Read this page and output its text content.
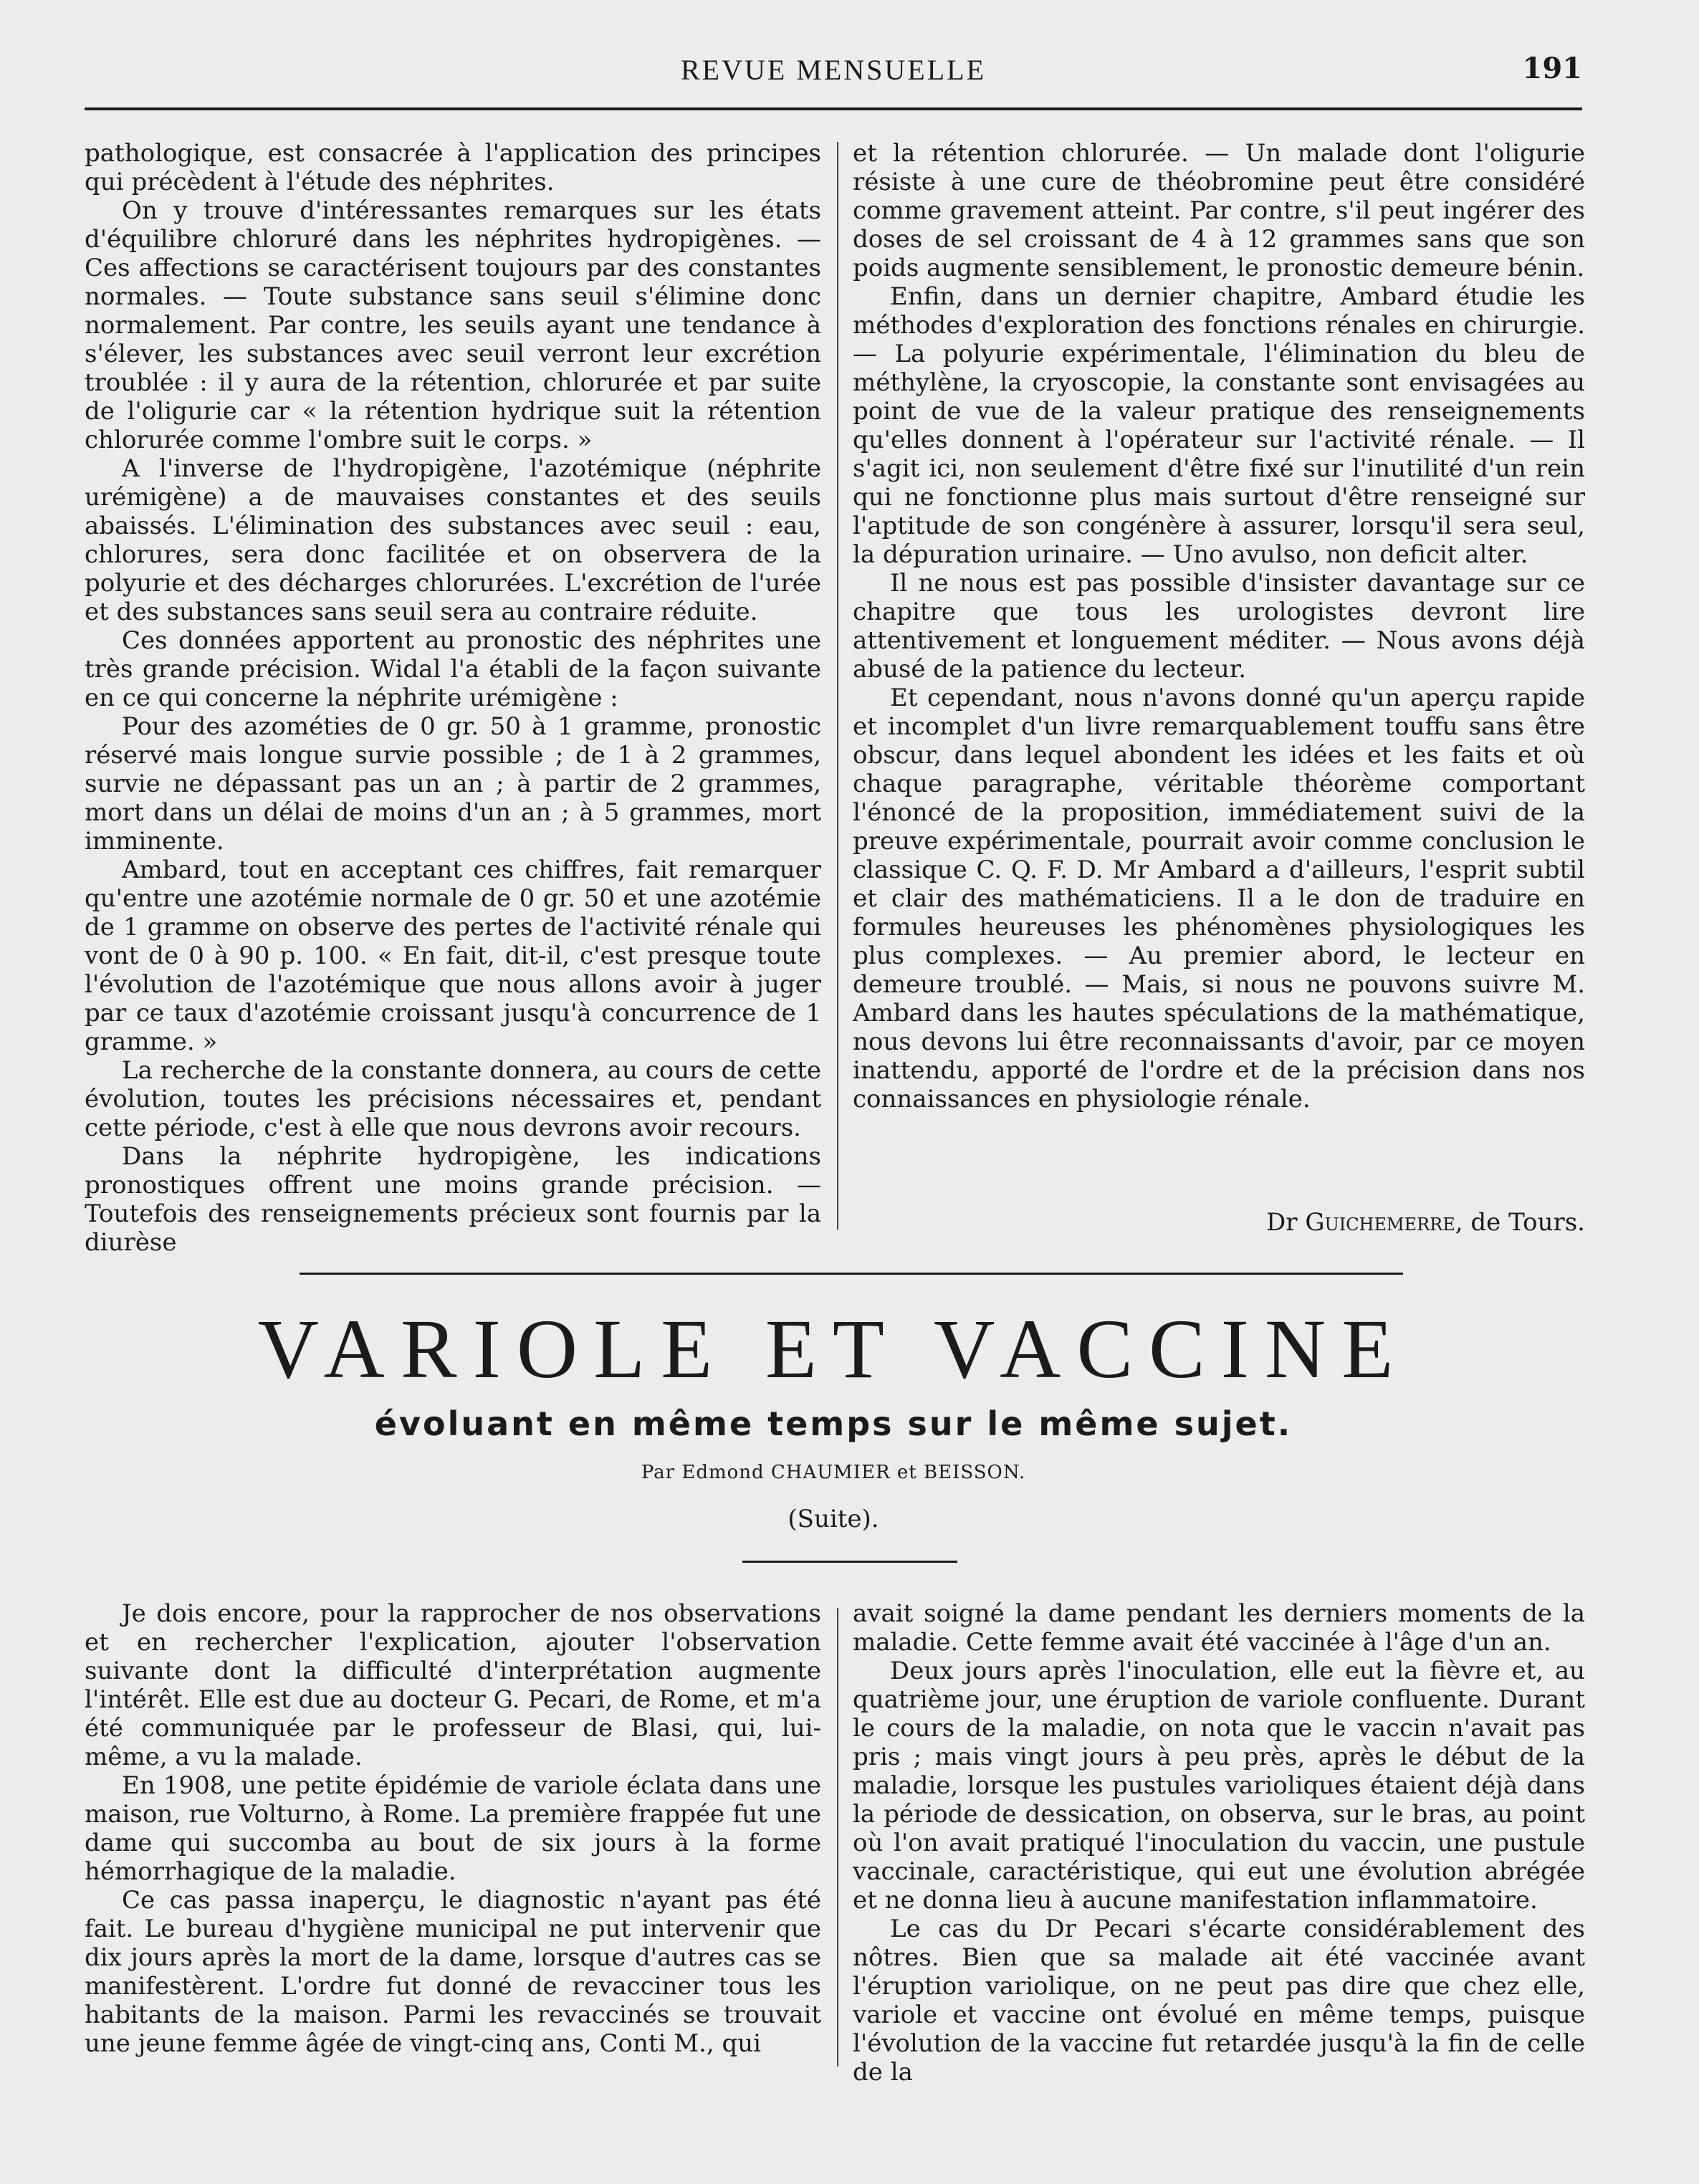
REVUE MENSUELLE	191

pathologique, est consacrée à l'application des principes qui précèdent à l'étude des néphrites.

On y trouve d'intéressantes remarques sur les états d'équilibre chloruré dans les néphrites hydropigènes. — Ces affections se caractérisent toujours par des constantes normales. — Toute substance sans seuil s'élimine donc normalement. Par contre, les seuils ayant une tendance à s'élever, les substances avec seuil verront leur excrétion troublée : il y aura de la rétention, chlorurée et par suite de l'oligurie car « la rétention hydrique suit la rétention chlorurée comme l'ombre suit le corps. »

A l'inverse de l'hydropigène, l'azotémique (néphrite urémigène) a de mauvaises constantes et des seuils abaissés. L'élimination des substances avec seuil : eau, chlorures, sera donc facilitée et on observera de la polyurie et des décharges chlorurées. L'excrétion de l'urée et des substances sans seuil sera au contraire réduite.

Ces données apportent au pronostic des néphrites une très grande précision. Widal l'a établi de la façon suivante en ce qui concerne la néphrite urémigène :

Pour des azométies de 0 gr. 50 à 1 gramme, pronostic réservé mais longue survie possible ; de 1 à 2 grammes, survie ne dépassant pas un an ; à partir de 2 grammes, mort dans un délai de moins d'un an ; à 5 grammes, mort imminente.

Ambard, tout en acceptant ces chiffres, fait remarquer qu'entre une azotémie normale de 0 gr. 50 et une azotémie de 1 gramme on observe des pertes de l'activité rénale qui vont de 0 à 90 p. 100. « En fait, dit-il, c'est presque toute l'évolution de l'azotémique que nous allons avoir à juger par ce taux d'azotémie croissant jusqu'à concurrence de 1 gramme. »

La recherche de la constante donnera, au cours de cette évolution, toutes les précisions nécessaires et, pendant cette période, c'est à elle que nous devrons avoir recours.

Dans la néphrite hydropigène, les indications pronostiques offrent une moins grande précision. — Toutefois des renseignements précieux sont fournis par la diurèse

et la rétention chlorurée. — Un malade dont l'oligurie résiste à une cure de théobromine peut être considéré comme gravement atteint. Par contre, s'il peut ingérer des doses de sel croissant de 4 à 12 grammes sans que son poids augmente sensiblement, le pronostic demeure bénin.

Enfin, dans un dernier chapitre, Ambard étudie les méthodes d'exploration des fonctions rénales en chirurgie. — La polyurie expérimentale, l'élimination du bleu de méthylène, la cryoscopie, la constante sont envisagées au point de vue de la valeur pratique des renseignements qu'elles donnent à l'opérateur sur l'activité rénale. — Il s'agit ici, non seulement d'être fixé sur l'inutilité d'un rein qui ne fonctionne plus mais surtout d'être renseigné sur l'aptitude de son congénère à assurer, lorsqu'il sera seul, la dépuration urinaire. — Uno avulso, non deficit alter.

Il ne nous est pas possible d'insister davantage sur ce chapitre que tous les urologistes devront lire attentivement et longuement méditer. — Nous avons déjà abusé de la patience du lecteur.

Et cependant, nous n'avons donné qu'un aperçu rapide et incomplet d'un livre remarquablement touffu sans être obscur, dans lequel abondent les idées et les faits et où chaque paragraphe, véritable théorème comportant l'énoncé de la proposition, immédiatement suivi de la preuve expérimentale, pourrait avoir comme conclusion le classique C. Q. F. D. Mr Ambard a d'ailleurs, l'esprit subtil et clair des mathématiciens. Il a le don de traduire en formules heureuses les phénomènes physiologiques les plus complexes. — Au premier abord, le lecteur en demeure troublé. — Mais, si nous ne pouvons suivre M. Ambard dans les hautes spéculations de la mathématique, nous devons lui être reconnaissants d'avoir, par ce moyen inattendu, apporté de l'ordre et de la précision dans nos connaissances en physiologie rénale.

Dr Guichemerre, de Tours.
VARIOLE ET VACCINE
évoluant en même temps sur le même sujet.
Par Edmond CHAUMIER et BEISSON.
(Suite).

Je dois encore, pour la rapprocher de nos observations et en rechercher l'explication, ajouter l'observation suivante dont la difficulté d'interprétation augmente l'intérêt. Elle est due au docteur G. Pecari, de Rome, et m'a été communiquée par le professeur de Blasi, qui, lui-même, a vu la malade.

En 1908, une petite épidémie de variole éclata dans une maison, rue Volturno, à Rome. La première frappée fut une dame qui succomba au bout de six jours à la forme hémorrhagique de la maladie.

Ce cas passa inaperçu, le diagnostic n'ayant pas été fait. Le bureau d'hygiène municipal ne put intervenir que dix jours après la mort de la dame, lorsque d'autres cas se manifestèrent. L'ordre fut donné de revacciner tous les habitants de la maison. Parmi les revaccinés se trouvait une jeune femme âgée de vingt-cinq ans, Conti M., qui

avait soigné la dame pendant les derniers moments de la maladie. Cette femme avait été vaccinée à l'âge d'un an.

Deux jours après l'inoculation, elle eut la fièvre et, au quatrième jour, une éruption de variole confluente. Durant le cours de la maladie, on nota que le vaccin n'avait pas pris ; mais vingt jours à peu près, après le début de la maladie, lorsque les pustules varioliques étaient déjà dans la période de dessication, on observa, sur le bras, au point où l'on avait pratiqué l'inoculation du vaccin, une pustule vaccinale, caractéristique, qui eut une évolution abrégée et ne donna lieu à aucune manifestation inflammatoire.

Le cas du Dr Pecari s'écarte considérablement des nôtres. Bien que sa malade ait été vaccinée avant l'éruption variolique, on ne peut pas dire que chez elle, variole et vaccine ont évolué en même temps, puisque l'évolution de la vaccine fut retardée jusqu'à la fin de celle de la
